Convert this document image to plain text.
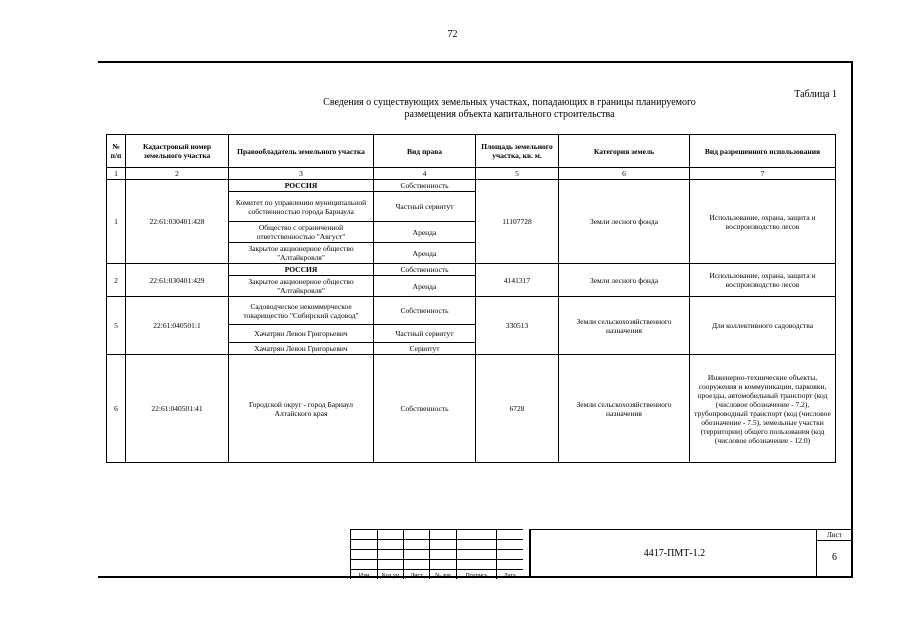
72
Таблица 1
Сведения о существующих земельных участках, попадающих в границы планируемого
размещения объекта капитального строительства
№ п/п	Кадастровый номер земельного участка	Правообладатель земельного участка	Вид права	Площадь земельного участка, кв. м.	Категория земель	Вид разрешенного использования
1	2	3	4	5	6	7
1	22:61:030401:428	РОССИЯ	Собственность	11107728	Земли лесного фонда	Использование, охрана, защита и воспроизводство лесов
		Комитет по управлению муниципальной собственностью города Барнаула	Частный сервитут			
		Общество с ограниченной ответственностью "Август"	Аренда			
		Закрытое акционерное общество "Алтайкровля"	Аренда			
2	22:61:030401:429	РОССИЯ	Собственность	4141317	Земли лесного фонда	Использование, охрана, защита и воспроизводство лесов
		Закрытое акционерное общество "Алтайкровля"	Аренда			
5	22:61:040501:1	Садоводческое некоммерческое товарищество "Сибирский садовод"	Собственность	330513	Земли сельскохозяйственного назначения	Для коллективного садоводства
		Хачатрян Левон Григорьевич	Частный сервитут			
		Хачатрян Левон Григорьевич	Сервитут			
6	22:61:040501:41	Городской округ - город Барнаул Алтайского края	Собственность	6728	Земли сельскохозяйственного назначения	Инженерно-технические объекты, сооружения и коммуникации, парковки, проезды, автомобильный транспорт (код (числовое обозначение - 7.2), трубопроводный транспорт (код (числовое обозначение - 7.5), земельные участки (территории) общего пользования (код (числовое обозначение - 12.0)

Изм	Кол.уч	Лист	№ док	Подпись	Дата
4417-ПМТ-1.2
Лист
6
